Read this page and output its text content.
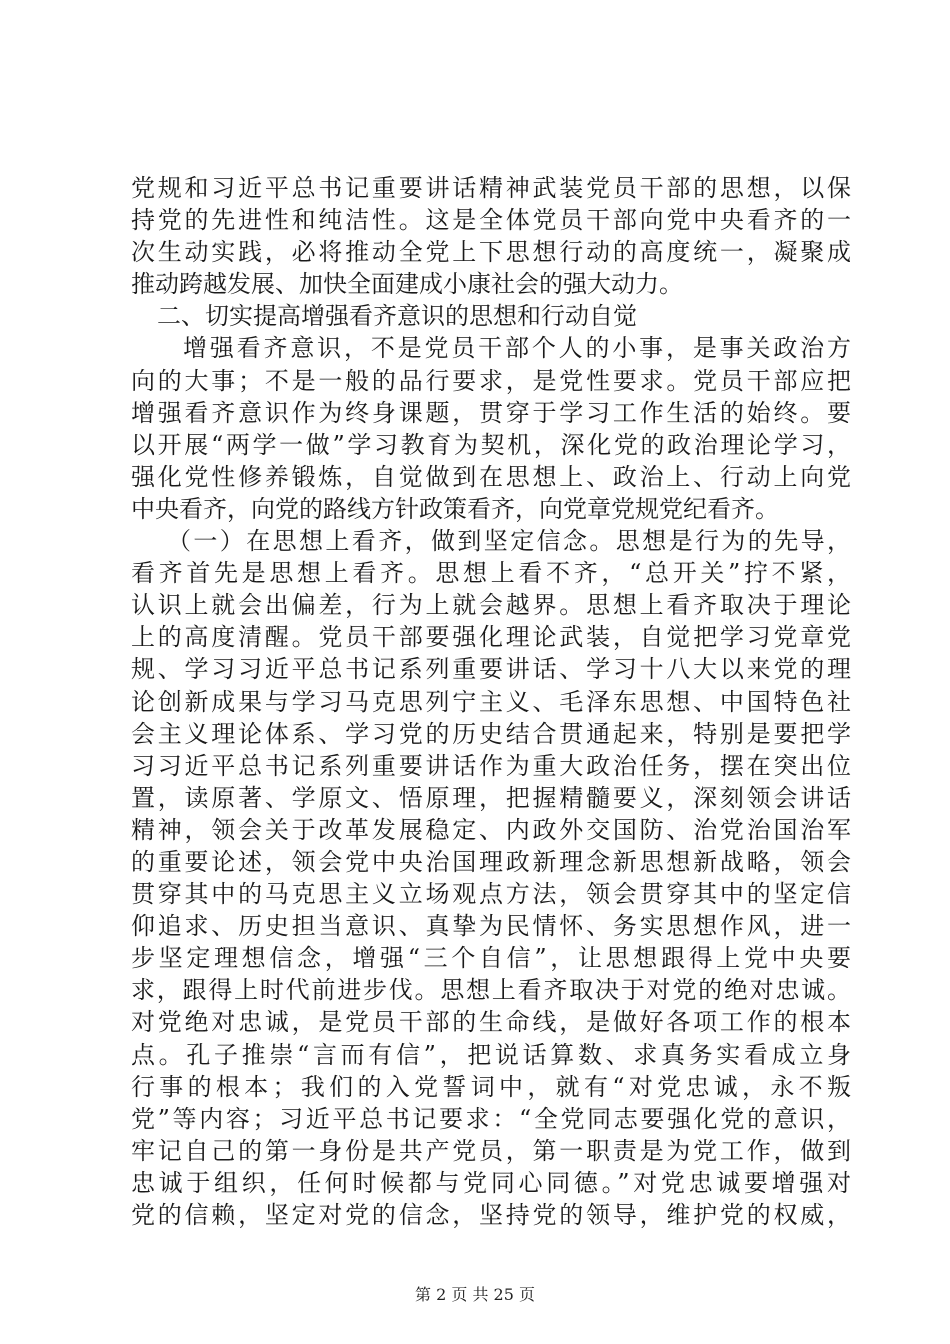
党规和习近平总书记重要讲话精神武装党员干部的思想，以保
持党的先进性和纯洁性。这是全体党员干部向党中央看齐的一
次生动实践，必将推动全党上下思想行动的高度统一，凝聚成
推动跨越发展、加快全面建成小康社会的强大动力。
二、切实提高增强看齐意识的思想和行动自觉
增强看齐意识，不是党员干部个人的小事，是事关政治方
向的大事；不是一般的品行要求，是党性要求。党员干部应把
增强看齐意识作为终身课题，贯穿于学习工作生活的始终。要
以开展“两学一做”学习教育为契机，深化党的政治理论学习，
强化党性修养锻炼，自觉做到在思想上、政治上、行动上向党
中央看齐，向党的路线方针政策看齐，向党章党规党纪看齐。
（一）在思想上看齐，做到坚定信念。思想是行为的先导，
看齐首先是思想上看齐。思想上看不齐，“总开关”拧不紧，
认识上就会出偏差，行为上就会越界。思想上看齐取决于理论
上的高度清醒。党员干部要强化理论武装，自觉把学习党章党
规、学习习近平总书记系列重要讲话、学习十八大以来党的理
论创新成果与学习马克思列宁主义、毛泽东思想、中国特色社
会主义理论体系、学习党的历史结合贯通起来，特别是要把学
习习近平总书记系列重要讲话作为重大政治任务，摆在突出位
置，读原著、学原文、悟原理，把握精髓要义，深刻领会讲话
精神，领会关于改革发展稳定、内政外交国防、治党治国治军
的重要论述，领会党中央治国理政新理念新思想新战略，领会
贯穿其中的马克思主义立场观点方法，领会贯穿其中的坚定信
仰追求、历史担当意识、真挚为民情怀、务实思想作风，进一
步坚定理想信念，增强“三个自信”，让思想跟得上党中央要
求，跟得上时代前进步伐。思想上看齐取决于对党的绝对忠诚。
对党绝对忠诚，是党员干部的生命线，是做好各项工作的根本
点。孔子推崇“言而有信”，把说话算数、求真务实看成立身
行事的根本；我们的入党誓词中，就有“对党忠诚，永不叛
党”等内容；习近平总书记要求：“全党同志要强化党的意识，
牢记自己的第一身份是共产党员，第一职责是为党工作，做到
忠诚于组织，任何时候都与党同心同德。”对党忠诚要增强对
党的信赖，坚定对党的信念，坚持党的领导，维护党的权威，
第 2 页 共 25 页
